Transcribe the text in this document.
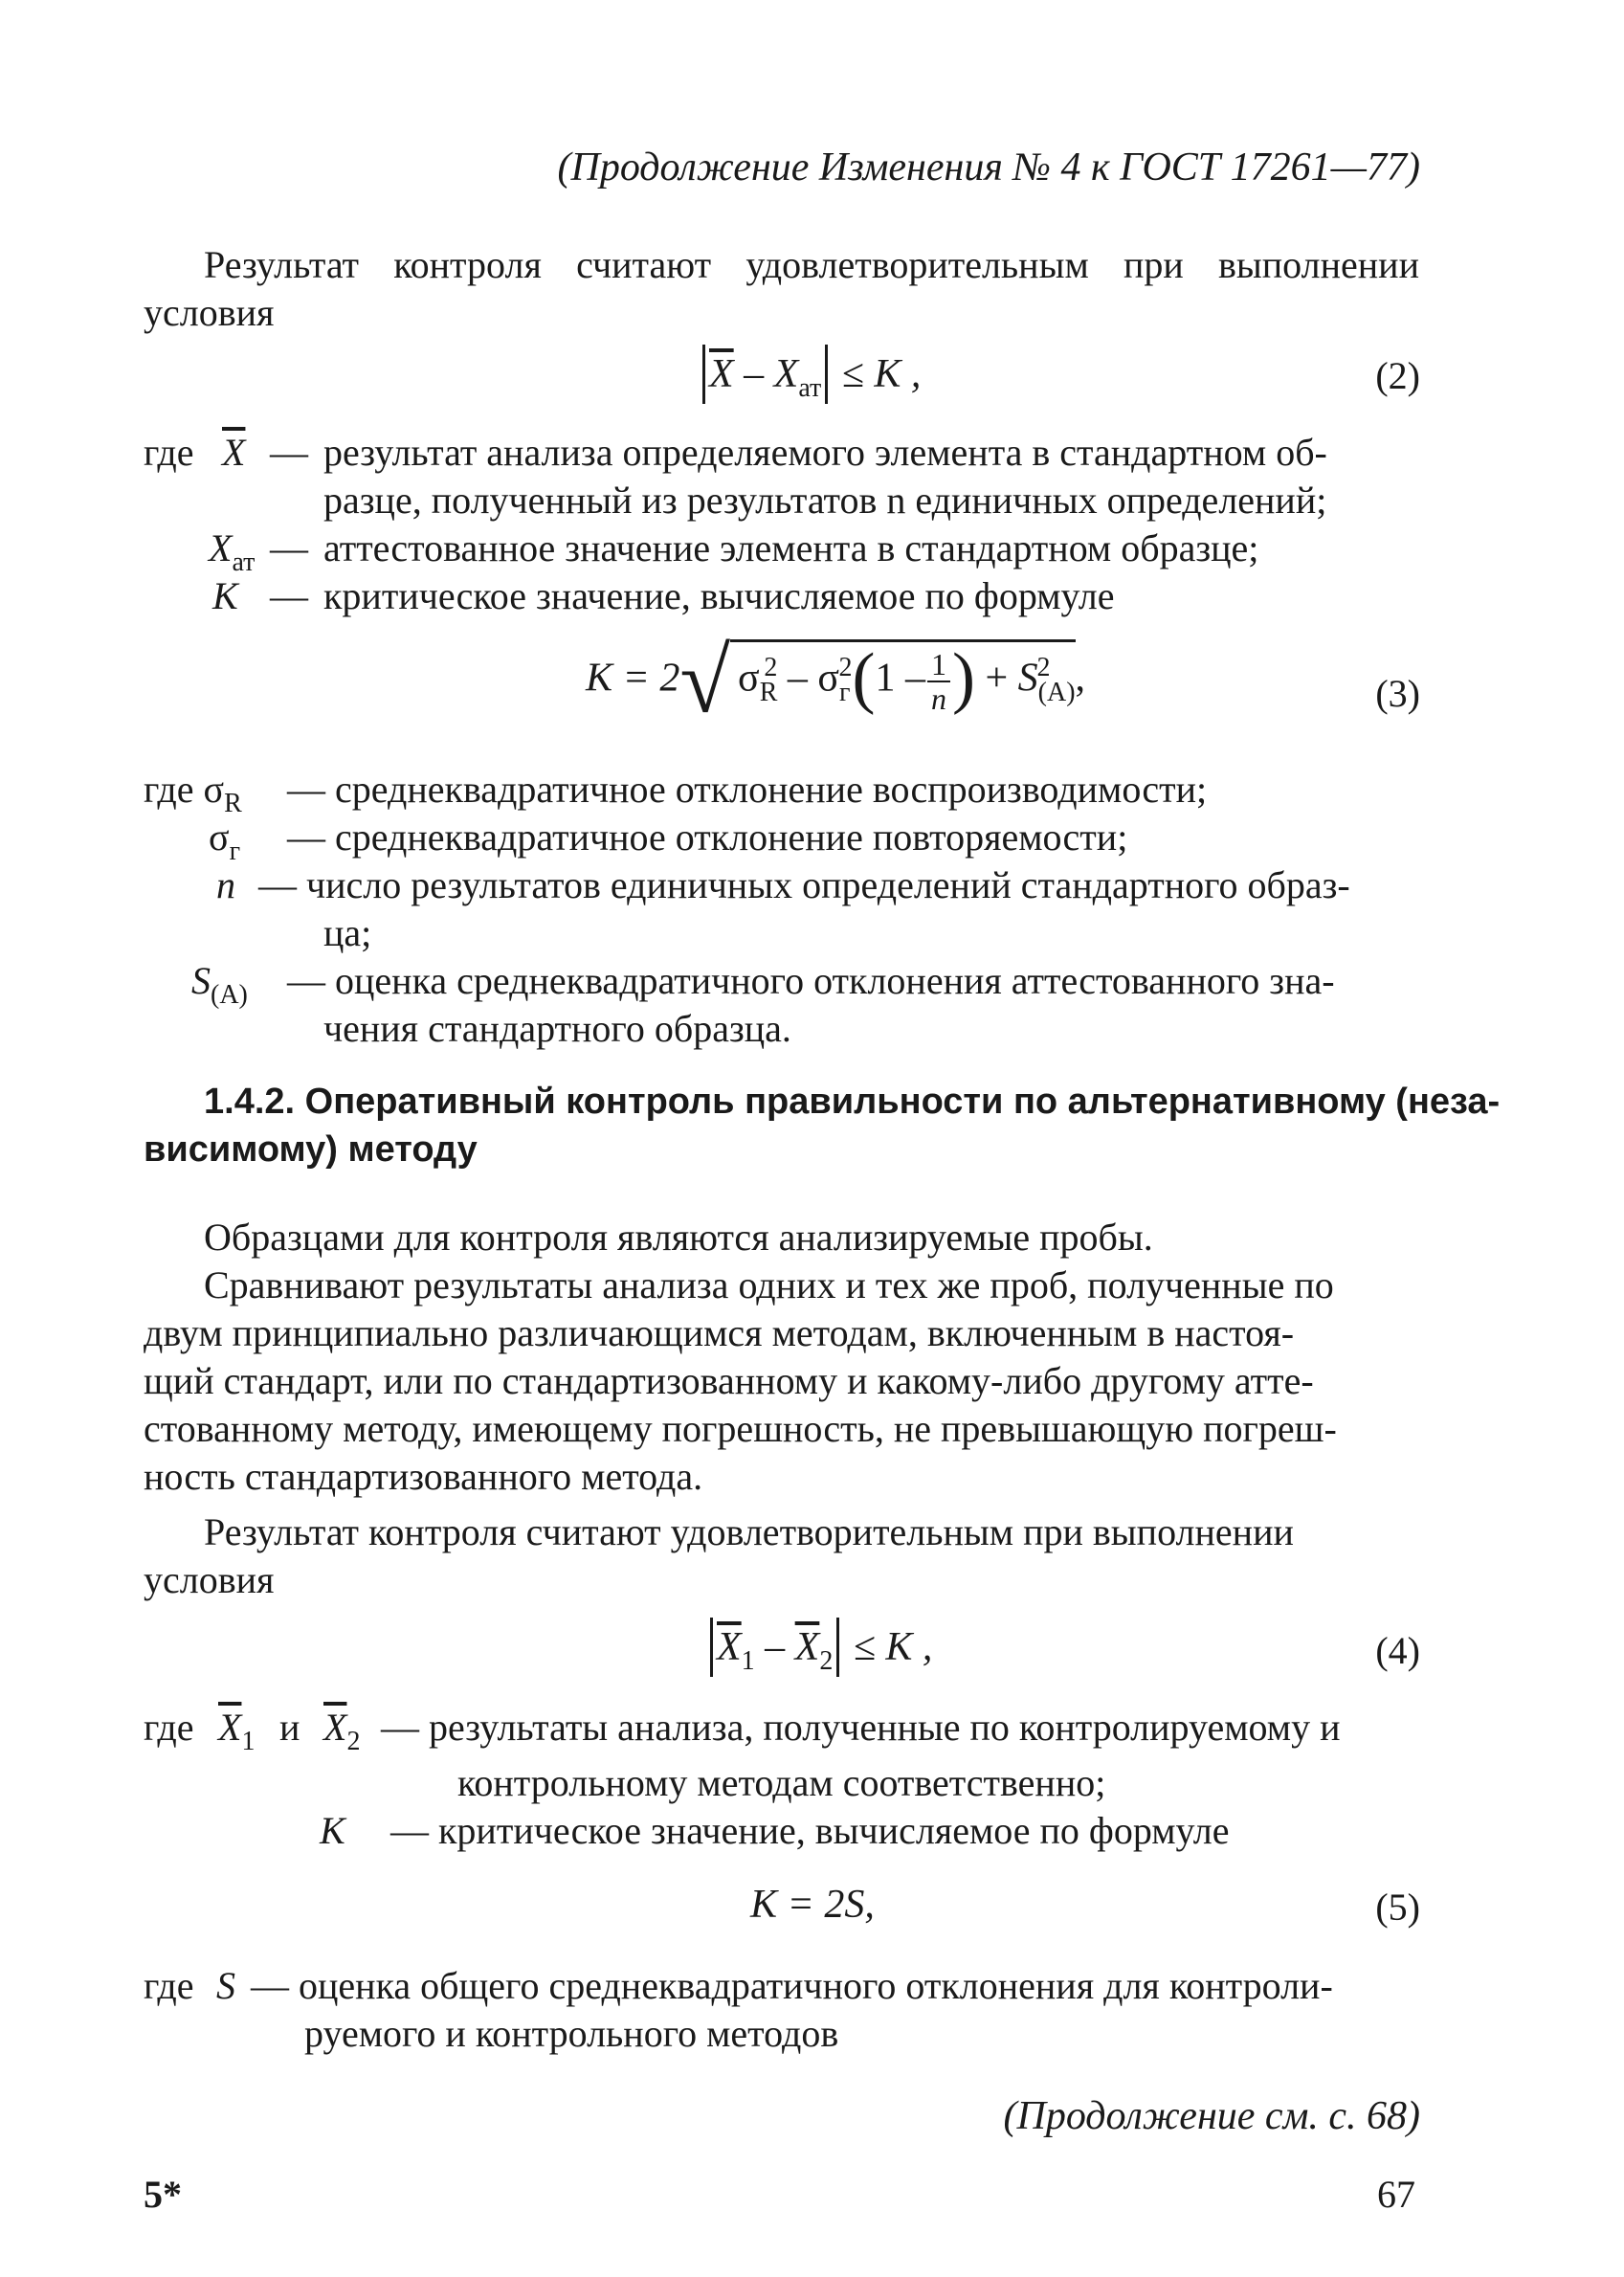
(Продолжение Изменения № 4 к ГОСТ 17261—77)
Результат контроля считают удовлетворительным при выполнении
условия
$\overline{X} - X_{ат} \le K$ ,	(2)
где $\overline{X}$ — результат анализа определяемого элемента в стандартном об-
разце, полученный из результатов n единичных определений;
$X_{ат}$ — аттестованное значение элемента в стандартном образце;
K — критическое значение, вычисляемое по формуле
K = 2√ $\sigma_R^2 - \sigma_г^2(1 - \frac{1}{n}$ ) + $S_{(A)}^2$ ,	(3)
где $\sigma_R$ — среднеквадратичное отклонение воспроизводимости;
$\sigma_г$ — среднеквадратичное отклонение повторяемости;
n — число результатов единичных определений стандартного образ-
ца;
$S_{(A)}$ — оценка среднеквадратичного отклонения аттестованного зна-
чения стандартного образца.
1.4.2. Оперативный контроль правильности по альтернативному (неза-
висимому) методу
Образцами для контроля являются анализируемые пробы.
Сравнивают результаты анализа одних и тех же проб, полученные по
двум принципиально различающимся методам, включенным в настоя-
щий стандарт, или по стандартизованному и какому-либо другому атте-
стованному методу, имеющему погрешность, не превышающую погреш-
ность стандартизованного метода.
Результат контроля считают удовлетворительным при выполнении
условия
$\overline{X}_1 - \overline{X}_2 \le K$ ,	(4)
где $\overline{X}_1$ и $\overline{X}_2$ — результаты анализа, полученные по контролируемому и
контрольному методам соответственно;
K — критическое значение, вычисляемое по формуле
K = 2S,	(5)
где S — оценка общего среднеквадратичного отклонения для контроли-
руемого и контрольного методов
(Продолжение см. с. 68)
5*	67
